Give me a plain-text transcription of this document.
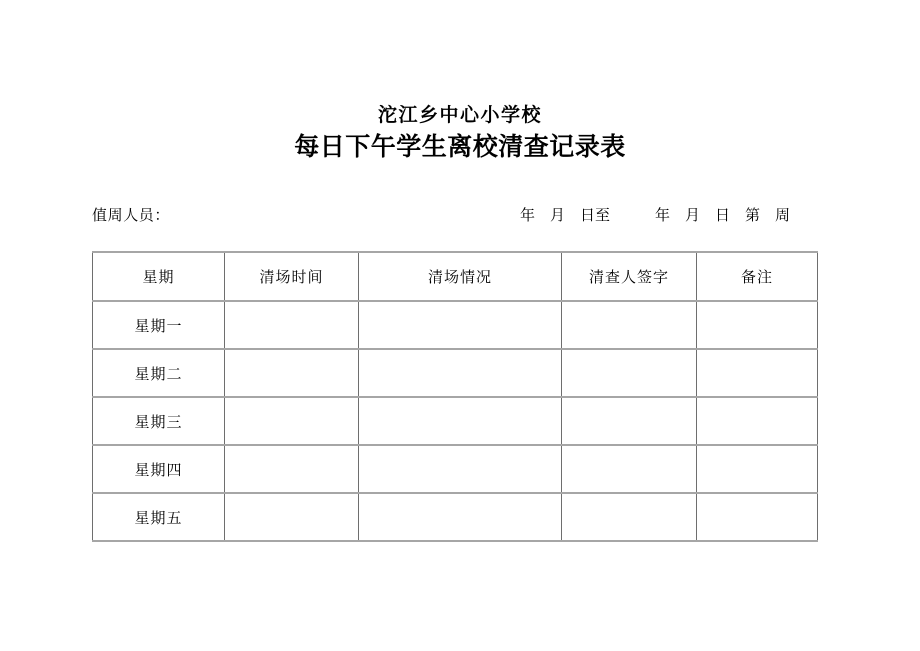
沱江乡中心小学校
每日下午学生离校清查记录表
值周人员：	年　月　日至　　　年　月　日　第　周
星期	清场时间	清场情况	清查人签字	备注
星期一				
星期二				
星期三				
星期四				
星期五				
